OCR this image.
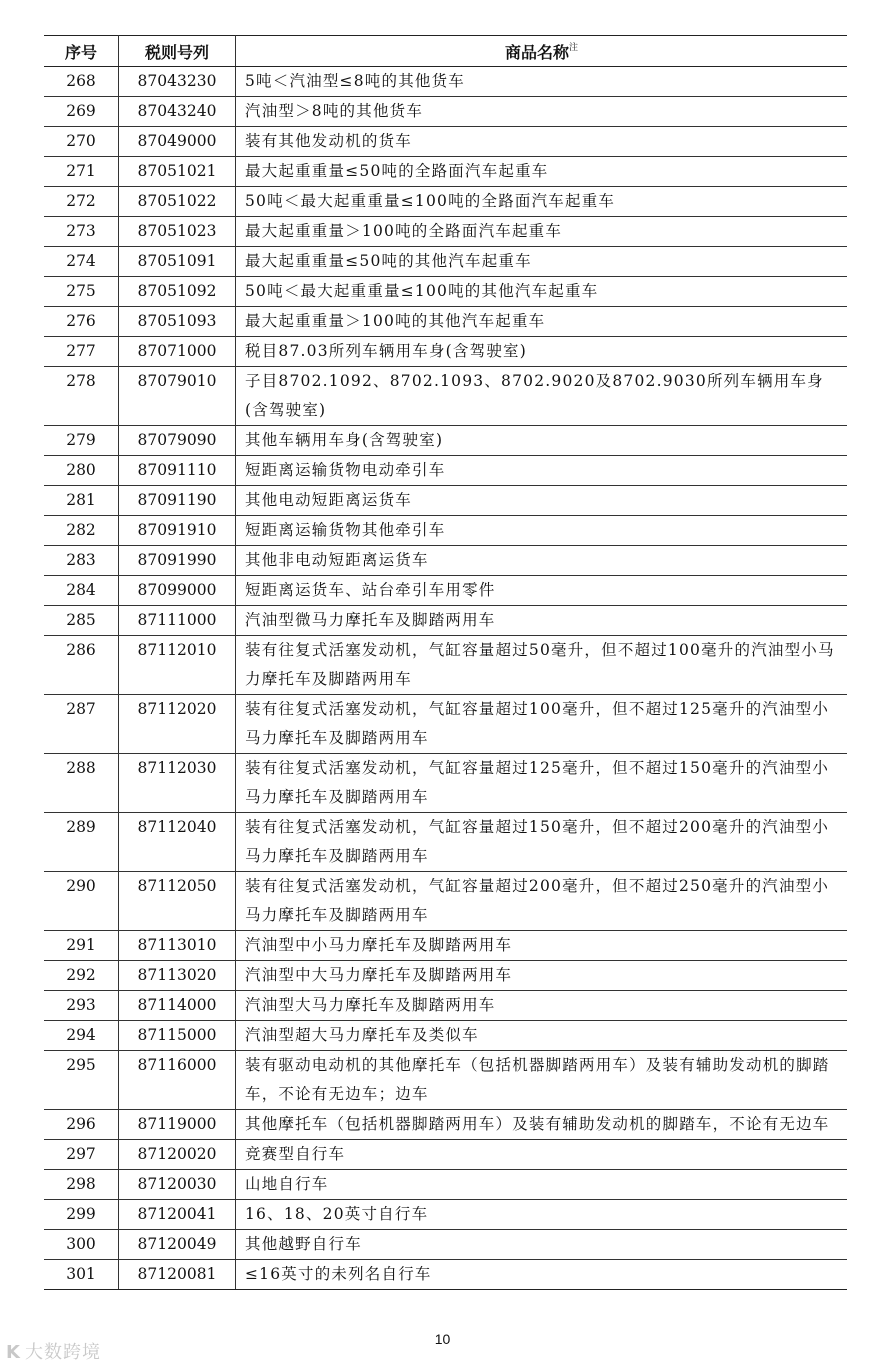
序号	税则号列	商品名称$^注$
268	87043230	5吨＜汽油型≤8吨的其他货车
269	87043240	汽油型＞8吨的其他货车
270	87049000	装有其他发动机的货车
271	87051021	最大起重重量≤50吨的全路面汽车起重车
272	87051022	50吨＜最大起重重量≤100吨的全路面汽车起重车
273	87051023	最大起重重量＞100吨的全路面汽车起重车
274	87051091	最大起重重量≤50吨的其他汽车起重车
275	87051092	50吨＜最大起重重量≤100吨的其他汽车起重车
276	87051093	最大起重重量＞100吨的其他汽车起重车
277	87071000	税目87.03所列车辆用车身(含驾驶室)
278	87079010	子目8702.1092、8702.1093、8702.9020及8702.9030所列车辆用车身(含驾驶室)
279	87079090	其他车辆用车身(含驾驶室)
280	87091110	短距离运输货物电动牵引车
281	87091190	其他电动短距离运货车
282	87091910	短距离运输货物其他牵引车
283	87091990	其他非电动短距离运货车
284	87099000	短距离运货车、站台牵引车用零件
285	87111000	汽油型微马力摩托车及脚踏两用车
286	87112010	装有往复式活塞发动机，气缸容量超过50毫升，但不超过100毫升的汽油型小马力摩托车及脚踏两用车
287	87112020	装有往复式活塞发动机，气缸容量超过100毫升，但不超过125毫升的汽油型小马力摩托车及脚踏两用车
288	87112030	装有往复式活塞发动机，气缸容量超过125毫升，但不超过150毫升的汽油型小马力摩托车及脚踏两用车
289	87112040	装有往复式活塞发动机，气缸容量超过150毫升，但不超过200毫升的汽油型小马力摩托车及脚踏两用车
290	87112050	装有往复式活塞发动机，气缸容量超过200毫升，但不超过250毫升的汽油型小马力摩托车及脚踏两用车
291	87113010	汽油型中小马力摩托车及脚踏两用车
292	87113020	汽油型中大马力摩托车及脚踏两用车
293	87114000	汽油型大马力摩托车及脚踏两用车
294	87115000	汽油型超大马力摩托车及类似车
295	87116000	装有驱动电动机的其他摩托车（包括机器脚踏两用车）及装有辅助发动机的脚踏车，不论有无边车；边车
296	87119000	其他摩托车（包括机器脚踏两用车）及装有辅助发动机的脚踏车，不论有无边车
297	87120020	竞赛型自行车
298	87120030	山地自行车
299	87120041	16、18、20英寸自行车
300	87120049	其他越野自行车
301	87120081	≤16英寸的未列名自行车
10
K 大数跨境
